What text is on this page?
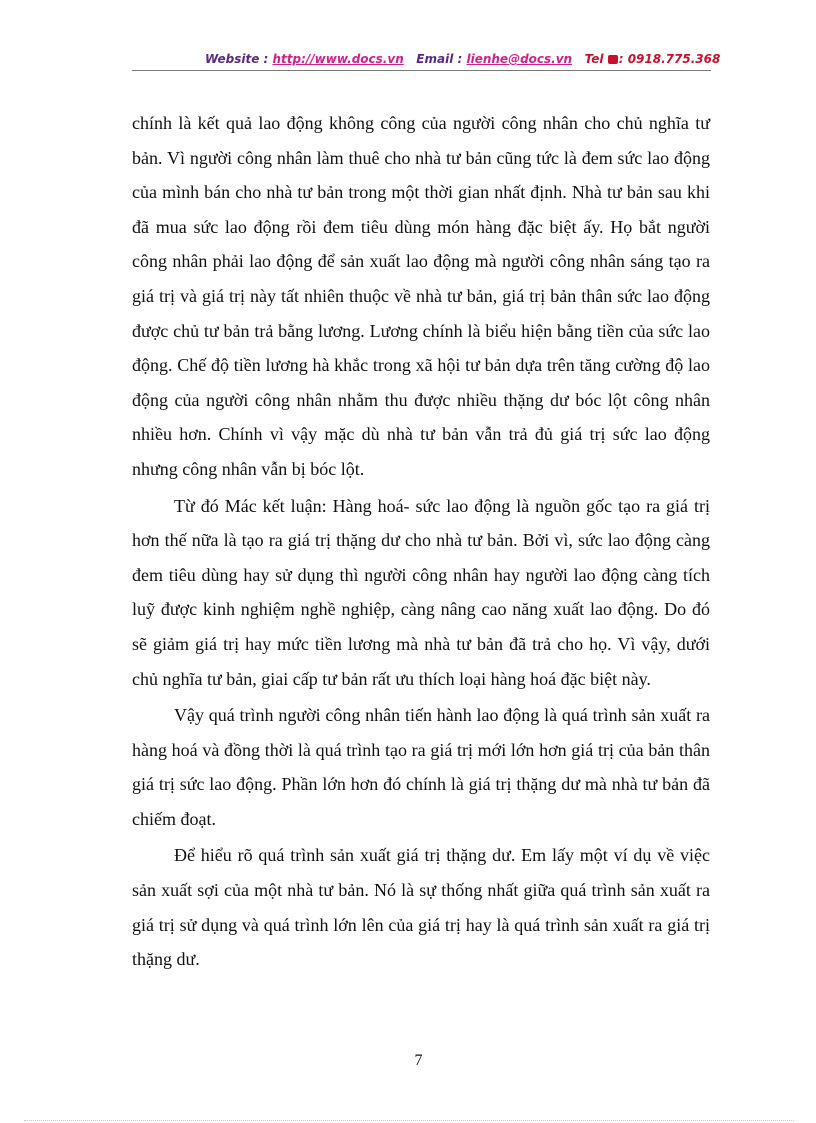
Website : http://www.docs.vn Email : lienhe@docs.vn Tel : 0918.775.368

chính là kết quả lao động không công của người công nhân cho chủ nghĩa tư bản. Vì người công nhân làm thuê cho nhà tư bản cũng tức là đem sức lao động của mình bán cho nhà tư bản trong một thời gian nhất định. Nhà tư bản sau khi đã mua sức lao động rồi đem tiêu dùng món hàng đặc biệt ấy. Họ bắt người công nhân phải lao động để sản xuất lao động mà người công nhân sáng tạo ra giá trị và giá trị này tất nhiên thuộc về nhà tư bản, giá trị bản thân sức lao động được chủ tư bản trả bằng lương. Lương chính là biểu hiện bằng tiền của sức lao động. Chế độ tiền lương hà khắc trong xã hội tư bản dựa trên tăng cường độ lao động của người công nhân nhằm thu được nhiều thặng dư bóc lột công nhân nhiều hơn. Chính vì vậy mặc dù nhà tư bản vẫn trả đủ giá trị sức lao động nhưng công nhân vẫn bị bóc lột.

Từ đó Mác kết luận: Hàng hoá- sức lao động là nguồn gốc tạo ra giá trị hơn thế nữa là tạo ra giá trị thặng dư cho nhà tư bản. Bởi vì, sức lao động càng đem tiêu dùng hay sử dụng thì người công nhân hay người lao động càng tích luỹ được kinh nghiệm nghề nghiệp, càng nâng cao năng xuất lao động. Do đó sẽ giảm giá trị hay mức tiền lương mà nhà tư bản đã trả cho họ. Vì vậy, dưới chủ nghĩa tư bản, giai cấp tư bản rất ưu thích loại hàng hoá đặc biệt này.

Vậy quá trình người công nhân tiến hành lao động là quá trình sản xuất ra hàng hoá và đồng thời là quá trình tạo ra giá trị mới lớn hơn giá trị của bản thân giá trị sức lao động. Phần lớn hơn đó chính là giá trị thặng dư mà nhà tư bản đã chiếm đoạt.

Để hiểu rõ quá trình sản xuất giá trị thặng dư. Em lấy một ví dụ về việc sản xuất sợi của một nhà tư bản. Nó là sự thống nhất giữa quá trình sản xuất ra giá trị sử dụng và quá trình lớn lên của giá trị hay là quá trình sản xuất ra giá trị thặng dư.

7
